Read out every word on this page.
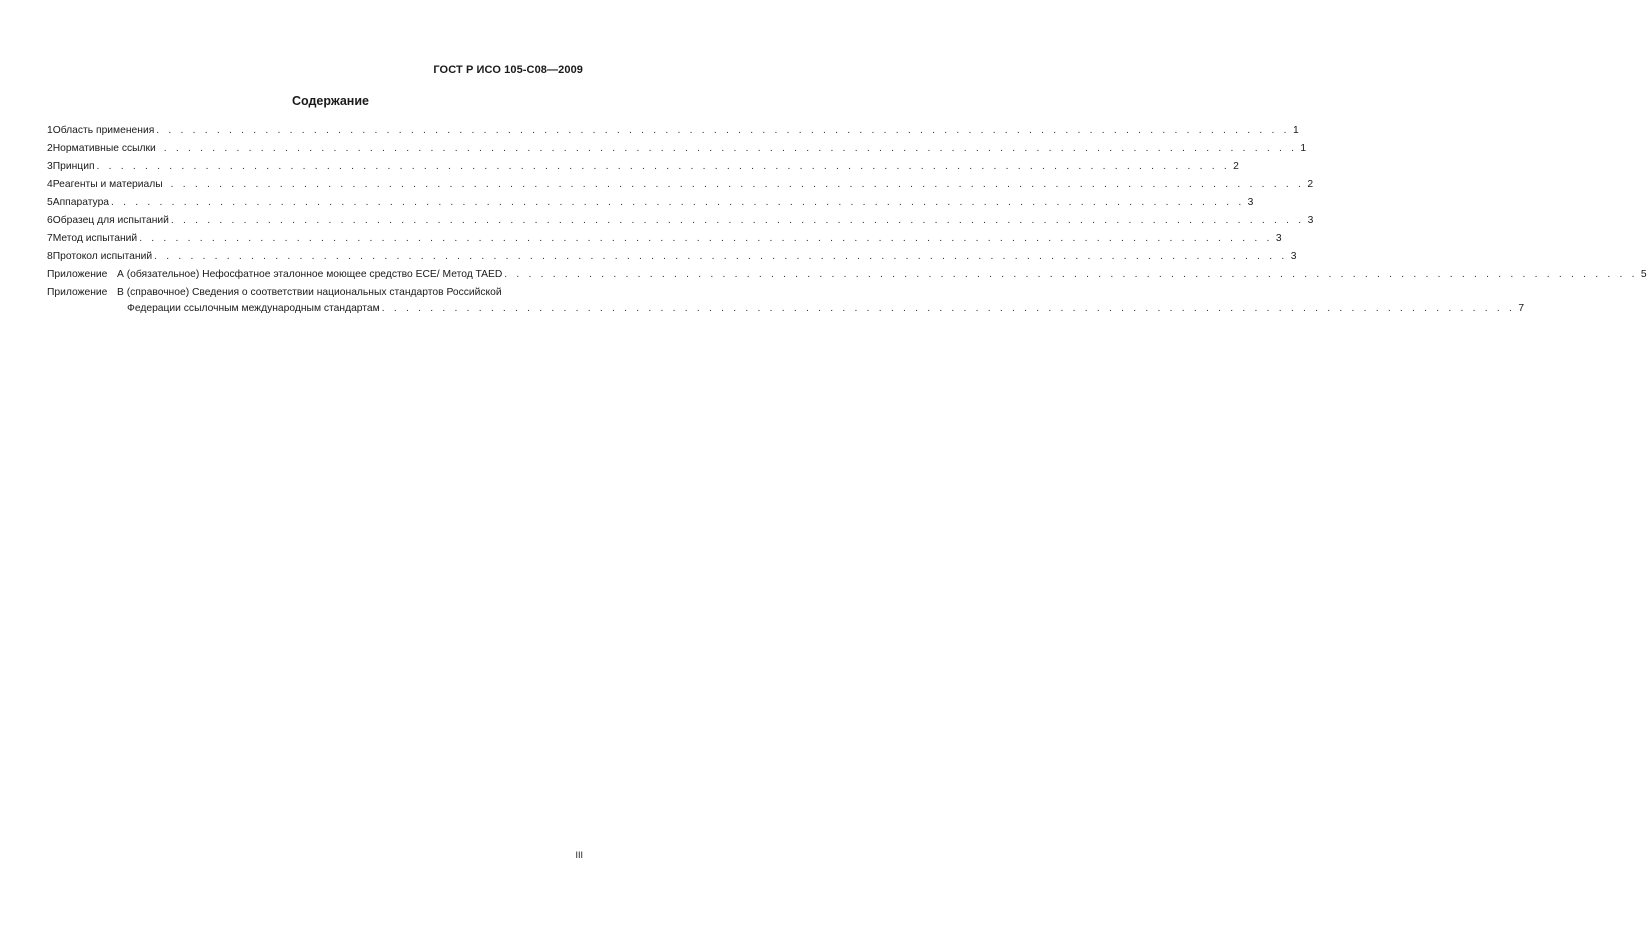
ГОСТ Р ИСО 105-С08—2009
Содержание
1 Область применения . . . . . . . . . . . . . . . . . . . . . . . . . . . . . . . . . . . . . . . . . . . . . . . . . . . . . . . . . . . . . . . . . . . . . . . . . . . . . . . . . . . . . . . . . . . . . . 1
2 Нормативные ссылки . . . . . . . . . . . . . . . . . . . . . . . . . . . . . . . . . . . . . . . . . . . . . . . . . . . . . . . . . . . . . . . . . . . . . . . . . . . . . . . . . . . . . . . . . . . . . . 1
3 Принцип . . . . . . . . . . . . . . . . . . . . . . . . . . . . . . . . . . . . . . . . . . . . . . . . . . . . . . . . . . . . . . . . . . . . . . . . . . . . . . . . . . . . . . . . . . . . . . 2
4 Реагенты и материалы . . . . . . . . . . . . . . . . . . . . . . . . . . . . . . . . . . . . . . . . . . . . . . . . . . . . . . . . . . . . . . . . . . . . . . . . . . . . . . . . . . . . . . . . . . . . . . 2
5 Аппаратура . . . . . . . . . . . . . . . . . . . . . . . . . . . . . . . . . . . . . . . . . . . . . . . . . . . . . . . . . . . . . . . . . . . . . . . . . . . . . . . . . . . . . . . . . . . . . . 3
6 Образец для испытаний . . . . . . . . . . . . . . . . . . . . . . . . . . . . . . . . . . . . . . . . . . . . . . . . . . . . . . . . . . . . . . . . . . . . . . . . . . . . . . . . . . . . . . . . . . . . . . 3
7 Метод испытаний . . . . . . . . . . . . . . . . . . . . . . . . . . . . . . . . . . . . . . . . . . . . . . . . . . . . . . . . . . . . . . . . . . . . . . . . . . . . . . . . . . . . . . . . . . . . . . 3
8 Протокол испытаний . . . . . . . . . . . . . . . . . . . . . . . . . . . . . . . . . . . . . . . . . . . . . . . . . . . . . . . . . . . . . . . . . . . . . . . . . . . . . . . . . . . . . . . . . . . . . . 3
Приложение А (обязательное) Нефосфатное эталонное моющее средство ЕСЕ/ Метод TAED . . . . . . . . . . . . . . . . . . . . . . . . . . . . . . . . . . . . . . . . . . . . . . . . . . . . . . . . . . . . . . . . . . . . . . . . . . . . . . . . . . . . . . . . . . . . . . 5
Приложение В (справочное) Сведения о соответствии национальных стандартов Российской
Федерации ссылочным международным стандартам . . . . . . . . . . . . . . . . . . . . . . . . . . . . . . . . . . . . . . . . . . . . . . . . . . . . . . . . . . . . . . . . . . . . . . . . . . . . . . . . . . . . . . . . . . . . . . 7
III
